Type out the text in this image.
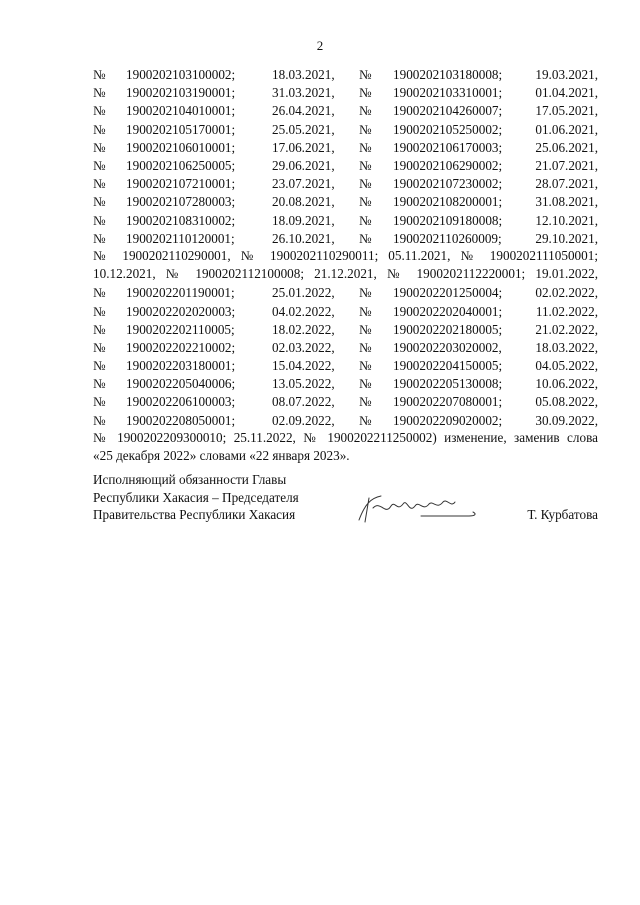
2
№	1900202103100002;	18.03.2021,	№	1900202103180008;	19.03.2021,
№	1900202103190001;	31.03.2021,	№	1900202103310001;	01.04.2021,
№	1900202104010001;	26.04.2021,	№	1900202104260007;	17.05.2021,
№	1900202105170001;	25.05.2021,	№	1900202105250002;	01.06.2021,
№	1900202106010001;	17.06.2021,	№	1900202106170003;	25.06.2021,
№	1900202106250005;	29.06.2021,	№	1900202106290002;	21.07.2021,
№	1900202107210001;	23.07.2021,	№	1900202107230002;	28.07.2021,
№	1900202107280003;	20.08.2021,	№	1900202108200001;	31.08.2021,
№	1900202108310002;	18.09.2021,	№	1900202109180008;	12.10.2021,
№	1900202110120001;	26.10.2021,	№	1900202110260009;	29.10.2021,
№ 1900202110290001, № 1900202110290011; 05.11.2021, № 1900202111050001;
10.12.2021, № 1900202112100008; 21.12.2021, № 1900202112220001; 19.01.2022,
№	1900202201190001;	25.01.2022,	№	1900202201250004;	02.02.2022,
№	1900202202020003;	04.02.2022,	№	1900202202040001;	11.02.2022,
№	1900202202110005;	18.02.2022,	№	1900202202180005;	21.02.2022,
№	1900202202210002;	02.03.2022,	№	1900202203020002,	18.03.2022,
№	1900202203180001;	15.04.2022,	№	1900202204150005;	04.05.2022,
№	1900202205040006;	13.05.2022,	№	1900202205130008;	10.06.2022,
№	1900202206100003;	08.07.2022,	№	1900202207080001;	05.08.2022,
№	1900202208050001;	02.09.2022,	№	1900202209020002;	30.09.2022,
№ 1900202209300010; 25.11.2022, № 1900202211250002) изменение, заменив слова
«25 декабря 2022» словами «22 января 2023».
Исполняющий обязанности Главы
Республики Хакасия – Председателя
Правительства Республики Хакасия	Т. Курбатова
